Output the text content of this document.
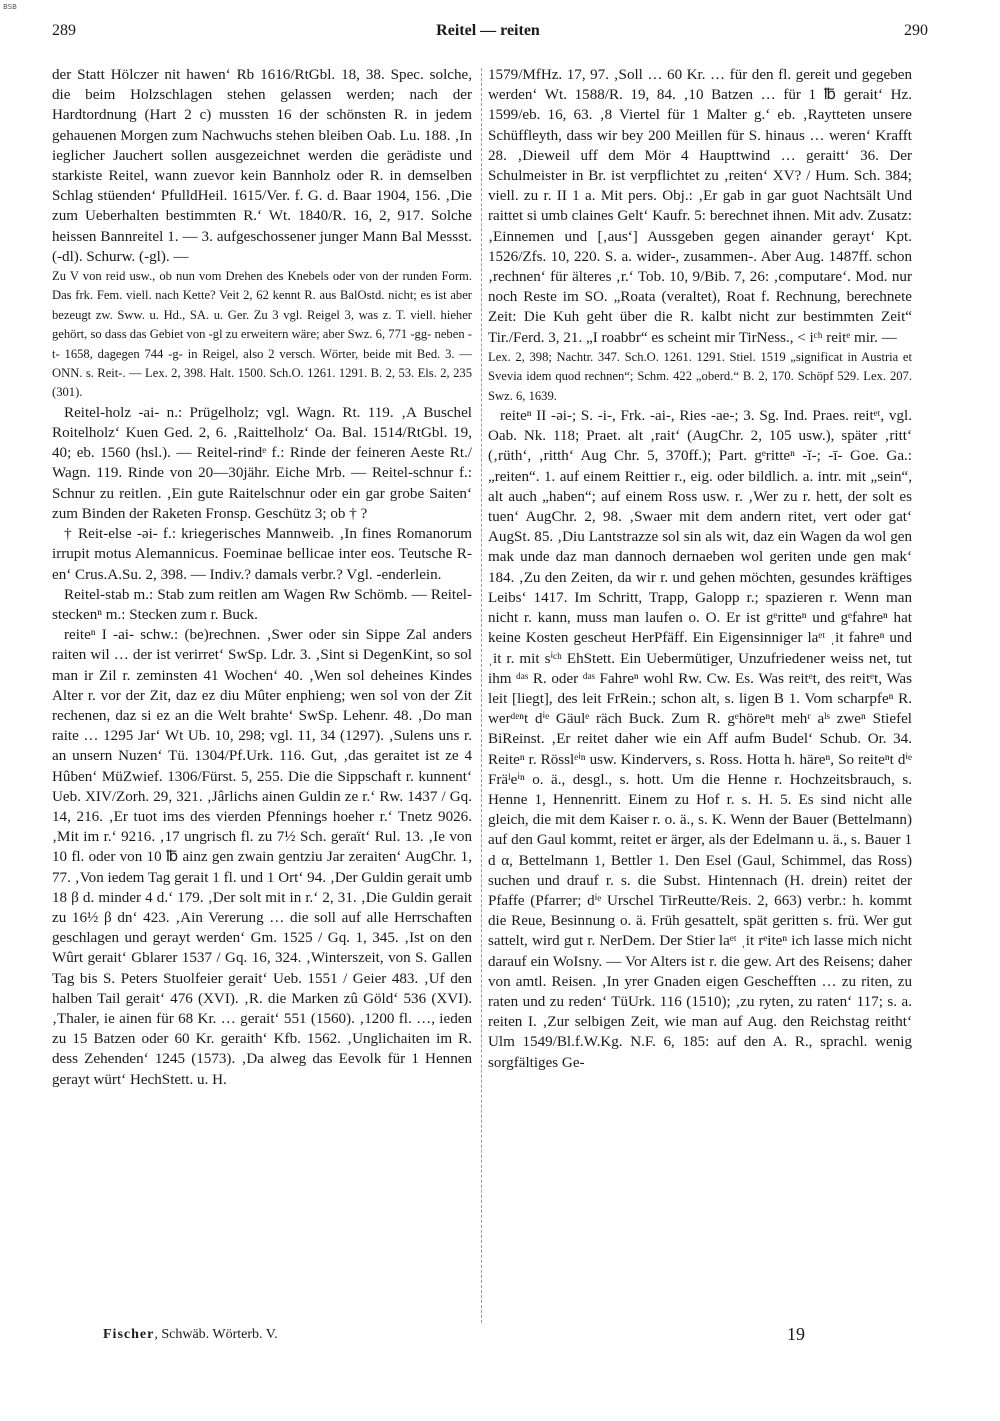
BSB
289	Reitel — reiten	290

der Statt Hölczer nit hawen‘ Rb 1616/RtGbl. 18, 38. Spec. solche, die beim Holzschlagen stehen gelassen werden; nach der Hardtordnung (Hart 2 c) mussten 16 der schönsten R. in jedem gehauenen Morgen zum Nachwuchs stehen bleiben Oab. Lu. 188. ‚In ieglicher Jauchert sollen ausgezeichnet werden die gerädiste und starkiste Reitel, wann zuevor kein Bannholz oder R. in demselben Schlag stüenden‘ PfulldHeil. 1615/Ver. f. G. d. Baar 1904, 156. ‚Die zum Ueberhalten bestimmten R.‘ Wt. 1840/R. 16, 2, 917. Solche heissen Bannreitel 1. — 3. aufgeschossener junger Mann Bal Messst. (-dl). Schurw. (-gl). —

Zu V von reid usw., ob nun vom Drehen des Knebels oder von der runden Form. Das frk. Fem. viell. nach Kette? Veit 2, 62 kennt R. aus BalOstd. nicht; es ist aber bezeugt zw. Sww. u. Hd., SA. u. Ger. Zu 3 vgl. Reigel 3, was z. T. viell. hieher gehört, so dass das Gebiet von -gl zu erweitern wäre; aber Swz. 6, 771 -gg- neben -t- 1658, dagegen 744 -g- in Reigel, also 2 versch. Wörter, beide mit Bed. 3. — ONN. s. Reit-. — Lex. 2, 398. Halt. 1500. Sch.O. 1261. 1291. B. 2, 53. Els. 2, 235 (301).

Reitel-holz -ai- n.: Prügelholz; vgl. Wagn. Rt. 119. ‚A Buschel Roitelholz‘ Kuen Ged. 2, 6. ‚Raittelholz‘ Oa. Bal. 1514/RtGbl. 19, 40; eb. 1560 (hsl.). — Reitel-rindᵉ f.: Rinde der feineren Aeste Rt./ Wagn. 119. Rinde von 20—30jähr. Eiche Mrb. — Reitel-schnur f.: Schnur zu reitlen. ‚Ein gute Raitelschnur oder ein gar grobe Saiten‘ zum Binden der Raketen Fronsp. Geschütz 3; ob † ?

† Reit-else -əi- f.: kriegerisches Mannweib. ‚In fines Romanorum irrupit motus Alemannicus. Foeminae bellicae inter eos. Teutsche R-en‘ Crus.A.Su. 2, 398. — Indiv.? damals verbr.? Vgl. -enderlein.

Reitel-stab m.: Stab zum reitlen am Wagen Rw Schömb. — Reitel-steckenⁿ m.: Stecken zum r. Buck.

reiteⁿ I -ai- schw.: (be)rechnen. ‚Swer oder sin Sippe Zal anders raiten wil … der ist verirret‘ SwSp. Ldr. 3. ‚Sint si DegenKint, so sol man ir Zil r. zeminsten 41 Wochen‘ 40. ‚Wen sol deheines Kindes Alter r. vor der Zit, daz ez diu Mûter enphieng; wen sol von der Zit rechenen, daz si ez an die Welt brahte‘ SwSp. Lehenr. 48. ‚Do man raite … 1295 Jar‘ Wt Ub. 10, 298; vgl. 11, 34 (1297). ‚Sulens uns r. an unsern Nuzen‘ Tü. 1304/Pf.Urk. 116. Gut, ‚das geraitet ist ze 4 Hûben‘ MüZwief. 1306/Fürst. 5, 255. Die die Sippschaft r. kunnent‘ Ueb. XIV/Zorh. 29, 321. ‚Jârlichs ainen Guldin ze r.‘ Rw. 1437 / Gq. 14, 216. ‚Er tuot ims des vierden Pfennings hoeher r.‘ Tnetz 9026. ‚Mit im r.‘ 9216. ‚17 ungrisch fl. zu 7½ Sch. geraït‘ Rul. 13. ‚Ie von 10 fl. oder von 10 ℔ ainz gen zwain gentziu Jar zeraiten‘ AugChr. 1, 77. ‚Von iedem Tag gerait 1 fl. und 1 Ort‘ 94. ‚Der Guldin gerait umb 18 β d. minder 4 d.‘ 179. ‚Der solt mit in r.‘ 2, 31. ‚Die Guldin gerait zu 16½ β dn‘ 423. ‚Ain Vererung … die soll auf alle Herrschaften geschlagen und gerayt werden‘ Gm. 1525 / Gq. 1, 345. ‚Ist on den Wûrt gerait‘ Gblarer 1537 / Gq. 16, 324. ‚Winterszeit, von S. Gallen Tag bis S. Peters Stuolfeier gerait‘ Ueb. 1551 / Geier 483. ‚Uf den halben Tail gerait‘ 476 (XVI). ‚R. die Marken zû Göld‘ 536 (XVI). ‚Thaler, ie ainen für 68 Kr. … gerait‘ 551 (1560). ‚1200 fl. …, ieden zu 15 Batzen oder 60 Kr. geraith‘ Kfb. 1562. ‚Unglichaiten im R. dess Zehenden‘ 1245 (1573). ‚Da alweg das Eevolk für 1 Hennen gerayt würt‘ HechStett. u. H.

1579/MfHz. 17, 97. ‚Soll … 60 Kr. … für den fl. gereit und gegeben werden‘ Wt. 1588/R. 19, 84. ‚10 Batzen … für 1 ℔ gerait‘ Hz. 1599/eb. 16, 63. ‚8 Viertel für 1 Malter g.‘ eb. ‚Raytteten unsere Schüffleyth, dass wir bey 200 Meillen für S. hinaus … weren‘ Krafft 28. ‚Dieweil uff dem Mör 4 Haupttwind … geraitt‘ 36. Der Schulmeister in Br. ist verpflichtet zu ‚reiten‘ XV? / Hum. Sch. 384; viell. zu r. II 1 a. Mit pers. Obj.: ‚Er gab in gar guot Nachtsält Und raittet si umb claines Gelt‘ Kaufr. 5: berechnet ihnen. Mit adv. Zusatz: ‚Einnemen und [‚aus‘] Aussgeben gegen ainander gerayt‘ Kpt. 1526/Zfs. 10, 220. S. a. wider-, zusammen-. Aber Aug. 1487ff. schon ‚rechnen‘ für älteres ‚r.‘ Tob. 10, 9/Bib. 7, 26: ‚computare‘. Mod. nur noch Reste im SO. „Roata (veraltet), Roat f. Rechnung, berechnete Zeit: Die Kuh geht über die R. kalbt nicht zur bestimmten Zeit“ Tir./Ferd. 3, 21. „I roabbr“ es scheint mir TirNess., < iᶜʰ reitᵉ mir. —

Lex. 2, 398; Nachtr. 347. Sch.O. 1261. 1291. Stiel. 1519 „significat in Austria et Svevia idem quod rechnen“; Schm. 422 „oberd.“ B. 2, 170. Schöpf 529. Lex. 207. Swz. 6, 1639.

reiteⁿ II -əi-; S. -i-, Frk. -ai-, Ries -ae-; 3. Sg. Ind. Praes. reitᵉᵗ, vgl. Oab. Nk. 118; Praet. alt ‚rait‘ (AugChr. 2, 105 usw.), später ‚ritt‘ (‚rüth‘, ‚ritth‘ Aug Chr. 5, 370ff.); Part. gᵉritteⁿ -ĭ-; -ī- Goe. Ga.: „reiten“. 1. auf einem Reittier r., eig. oder bildlich. a. intr. mit „sein“, alt auch „haben“; auf einem Ross usw. r. ‚Wer zu r. hett, der solt es tuen‘ AugChr. 2, 98. ‚Swaer mit dem andern ritet, vert oder gat‘ AugSt. 85. ‚Diu Lantstrazze sol sin als wit, daz ein Wagen da wol gen mak unde daz man dannoch dernaeben wol geriten unde gen mak‘ 184. ‚Zu den Zeiten, da wir r. und gehen möchten, gesundes kräftiges Leibs‘ 1417. Im Schritt, Trapp, Galopp r.; spazieren r. Wenn man nicht r. kann, muss man laufen o. O. Er ist gᵉritteⁿ und gᵉfahreⁿ hat keine Kosten gescheut HerPfäff. Ein Eigensinniger laᵉᵗ ˌit fahreⁿ und ˌit r. mit sⁱᶜʰ EhStett. Ein Uebermütiger, Unzufriedener weiss net, tut ihm ᵈᵃˢ R. oder ᵈᵃˢ Fahreⁿ wohl Rw. Cw. Es. Was reitᵉt, des reitᵉt, Was leit [liegt], des leit FrRein.; schon alt, s. ligen B 1. Vom scharpfeⁿ R. werᵈᵉⁿt dⁱᵉ Gäulᵉ räch Buck. Zum R. gᵉhöreⁿt mehʳ aˡˢ zweⁿ Stiefel BiReinst. ‚Er reitet daher wie ein Aff aufm Budel‘ Schub. Or. 34. Reiteⁿ r. Rösslᵉⁱⁿ usw. Kindervers, s. Ross. Hotta h. häreⁿ, So reiteⁿt dⁱᵉ Fräˡeⁱⁿ o. ä., desgl., s. hott. Um die Henne r. Hochzeitsbrauch, s. Henne 1, Hennenritt. Einem zu Hof r. s. H. 5. Es sind nicht alle gleich, die mit dem Kaiser r. o. ä., s. K. Wenn der Bauer (Bettelmann) auf den Gaul kommt, reitet er ärger, als der Edelmann u. ä., s. Bauer 1 d α, Bettelmann 1, Bettler 1. Den Esel (Gaul, Schimmel, das Ross) suchen und drauf r. s. die Subst. Hintennach (H. drein) reitet der Pfaffe (Pfarrer; dⁱᵉ Urschel TirReutte/Reis. 2, 663) verbr.: h. kommt die Reue, Besinnung o. ä. Früh gesattelt, spät geritten s. frü. Wer gut sattelt, wird gut r. NerDem. Der Stier laᵉᵗ ˌit rᵉiteⁿ ich lasse mich nicht darauf ein WoIsny. — Vor Alters ist r. die gew. Art des Reisens; daher von amtl. Reisen. ‚In yrer Gnaden eigen Geschefften … zu riten, zu raten und zu reden‘ TüUrk. 116 (1510); ‚zu ryten, zu raten‘ 117; s. a. reiten I. ‚Zur selbigen Zeit, wie man auf Aug. den Reichstag reitht‘ Ulm 1549/Bl.f.W.Kg. N.F. 6, 185: auf den A. R., sprachl. wenig sorgfältiges Ge-

Fischer, Schwäb. Wörterb. V.	19
